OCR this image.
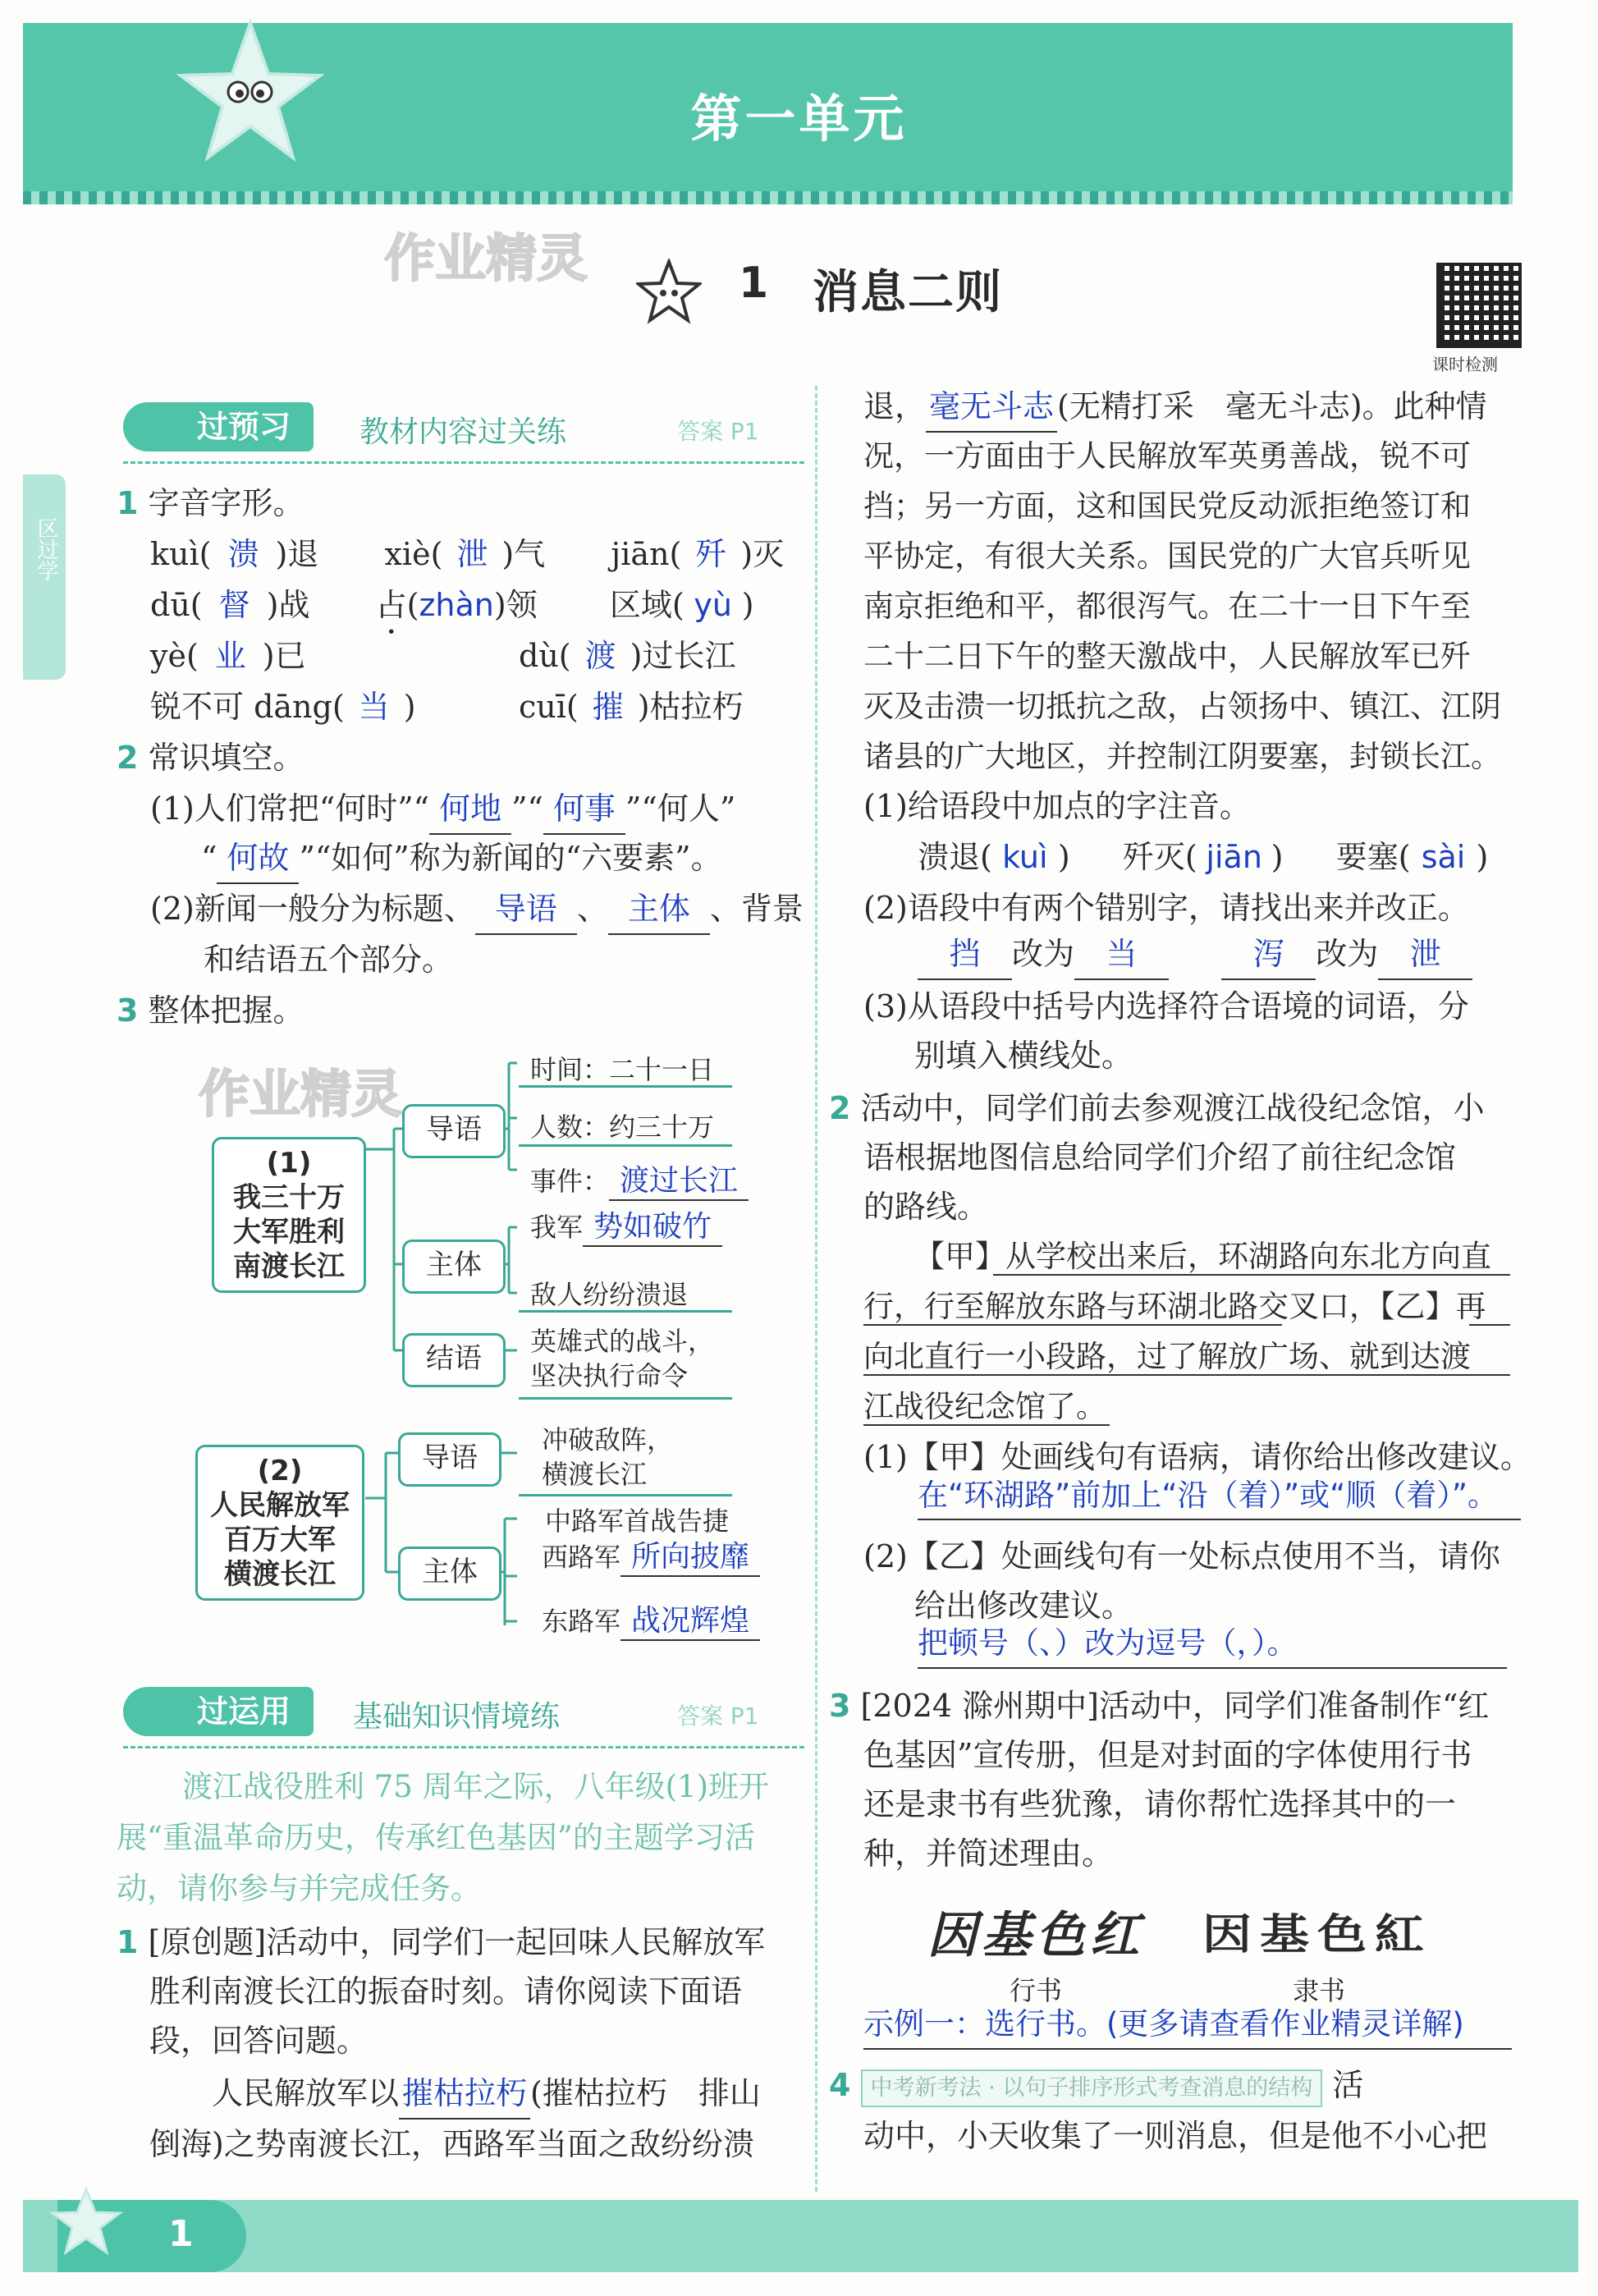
第一单元
作业精灵	1 消息二则
课时检测
区过学
过预习	教材内容过关练	答案 P1
1 字音字形。
kuì( 溃 )退 xiè( 泄 )气 jiān( 歼 )灭
dū( 督 )战 占(zhàn)领 区域( yù )
yè( 业 )已	dù( 渡 )过长江
锐不可 dāng( 当 )	cuī( 摧 )枯拉朽
2 常识填空。
(1)人们常把“何时”“ 何地 ”“ 何事 ”“何人”
“ 何故 ”“如何”称为新闻的“六要素”。
(2)新闻一般分为标题、 导语 、 主体 、背景
和结语五个部分。
3 整体把握。
作业精灵
(1)
我三十万
大军胜利
南渡长江
导语
主体
结语
时间：二十一日
人数：约三十万
事件： 渡过长江
我军 势如破竹
敌人纷纷溃退
英雄式的战斗，
坚决执行命令
(2)
人民解放军
百万大军
横渡长江
导语
主体
冲破敌阵，
横渡长江
中路军首战告捷
西路军 所向披靡
东路军 战况辉煌
过运用	基础知识情境练	答案 P1
渡江战役胜利 75 周年之际，八年级(1)班开
展“重温革命历史，传承红色基因”的主题学习活
动，请你参与并完成任务。
1 [原创题]活动中，同学们一起回味人民解放军
胜利南渡长江的振奋时刻。请你阅读下面语
段，回答问题。
人民解放军以 摧枯拉朽 (摧枯拉朽　排山
倒海)之势南渡长江，西路军当面之敌纷纷溃
退， 毫无斗志 (无精打采　毫无斗志)。此种情
况，一方面由于人民解放军英勇善战，锐不可
挡；另一方面，这和国民党反动派拒绝签订和
平协定，有很大关系。国民党的广大官兵听见
南京拒绝和平，都很泻气。在二十一日下午至
二十二日下午的整天激战中，人民解放军已歼
灭及击溃一切抵抗之敌，占领扬中、镇江、江阴
诸县的广大地区，并控制江阴要塞，封锁长江。
(1)给语段中加点的字注音。
溃退( kuì ) 歼灭( jiān ) 要塞( sài )
(2)语段中有两个错别字，请找出来并改正。
挡 改为 当	泻 改为 泄
(3)从语段中括号内选择符合语境的词语，分
别填入横线处。
2 活动中，同学们前去参观渡江战役纪念馆，小
语根据地图信息给同学们介绍了前往纪念馆
的路线。
【甲】从学校出来后，环湖路向东北方向直
行，行至解放东路与环湖北路交叉口，【乙】再
向北直行一小段路，过了解放广场、就到达渡
江战役纪念馆了。
(1)【甲】处画线句有语病，请你给出修改建议。
在“环湖路”前加上“沿（着）”或“顺（着）”。
(2)【乙】处画线句有一处标点使用不当，请你
给出修改建议。
把顿号（、）改为逗号（，）。
3 [2024 滁州期中]活动中，同学们准备制作“红
色基因”宣传册，但是对封面的字体使用行书
还是隶书有些犹豫，请你帮忙选择其中的一
种，并简述理由。
因基色红 因基色紅
行书	隶书
示例一：选行书。(更多请查看作业精灵详解)
4 中考新考法 · 以句子排序形式考查消息的结构 活
动中，小天收集了一则消息，但是他不小心把
1
